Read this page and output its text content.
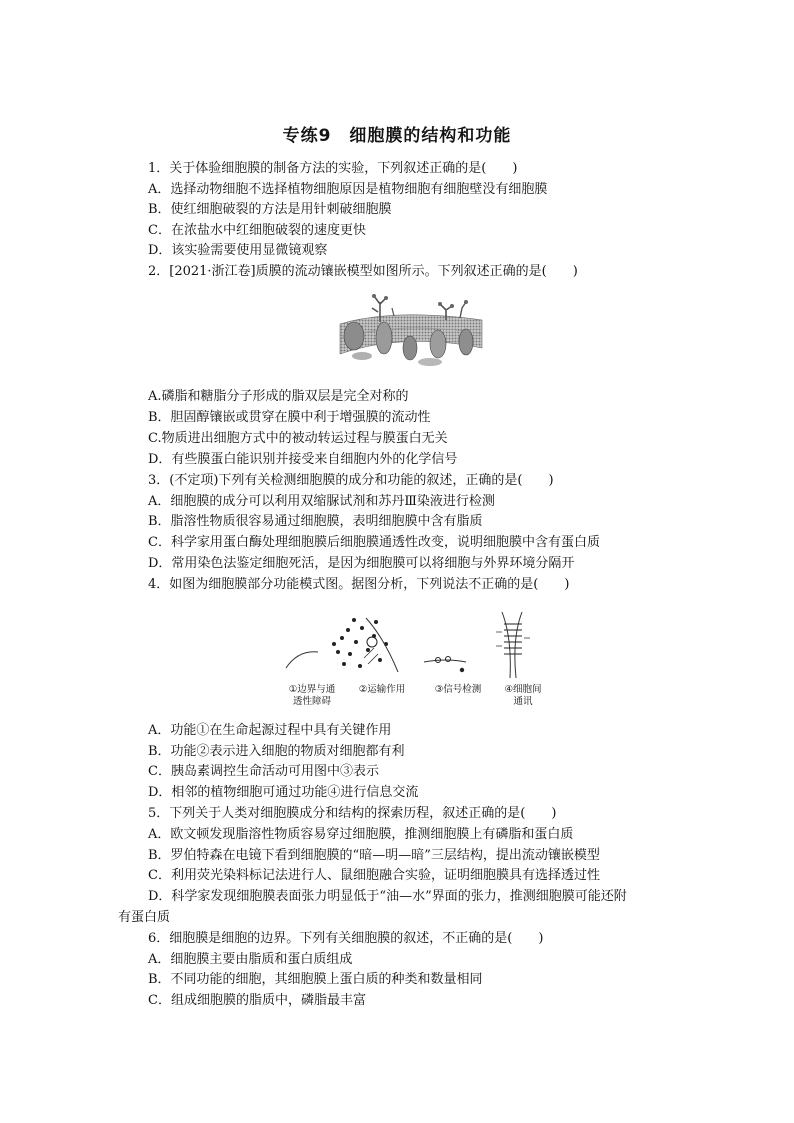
专练9　细胞膜的结构和功能
1．关于体验细胞膜的制备方法的实验，下列叙述正确的是(　　)
A．选择动物细胞不选择植物细胞原因是植物细胞有细胞壁没有细胞膜
B．使红细胞破裂的方法是用针刺破细胞膜
C．在浓盐水中红细胞破裂的速度更快
D．该实验需要使用显微镜观察
2．[2021·浙江卷]质膜的流动镶嵌模型如图所示。下列叙述正确的是(　　)
A.磷脂和糖脂分子形成的脂双层是完全对称的
B．胆固醇镶嵌或贯穿在膜中利于增强膜的流动性
C.物质进出细胞方式中的被动转运过程与膜蛋白无关
D．有些膜蛋白能识别并接受来自细胞内外的化学信号
3．(不定项)下列有关检测细胞膜的成分和功能的叙述，正确的是(　　)
A．细胞膜的成分可以利用双缩脲试剂和苏丹Ⅲ染液进行检测
B．脂溶性物质很容易通过细胞膜，表明细胞膜中含有脂质
C．科学家用蛋白酶处理细胞膜后细胞膜通透性改变，说明细胞膜中含有蛋白质
D．常用染色法鉴定细胞死活，是因为细胞膜可以将细胞与外界环境分隔开
4．如图为细胞膜部分功能模式图。据图分析，下列说法不正确的是(　　)
①边界与通
透性障碍
②运输作用	③信号检测	④细胞间
通讯
A．功能①在生命起源过程中具有关键作用
B．功能②表示进入细胞的物质对细胞都有利
C．胰岛素调控生命活动可用图中③表示
D．相邻的植物细胞可通过功能④进行信息交流
5．下列关于人类对细胞膜成分和结构的探索历程，叙述正确的是(　　)
A．欧文顿发现脂溶性物质容易穿过细胞膜，推测细胞膜上有磷脂和蛋白质
B．罗伯特森在电镜下看到细胞膜的“暗—明—暗”三层结构，提出流动镶嵌模型
C．利用荧光染料标记法进行人、鼠细胞融合实验，证明细胞膜具有选择透过性
D．科学家发现细胞膜表面张力明显低于“油—水”界面的张力，推测细胞膜可能还附
有蛋白质
6．细胞膜是细胞的边界。下列有关细胞膜的叙述，不正确的是(　　)
A．细胞膜主要由脂质和蛋白质组成
B．不同功能的细胞，其细胞膜上蛋白质的种类和数量相同
C．组成细胞膜的脂质中，磷脂最丰富
